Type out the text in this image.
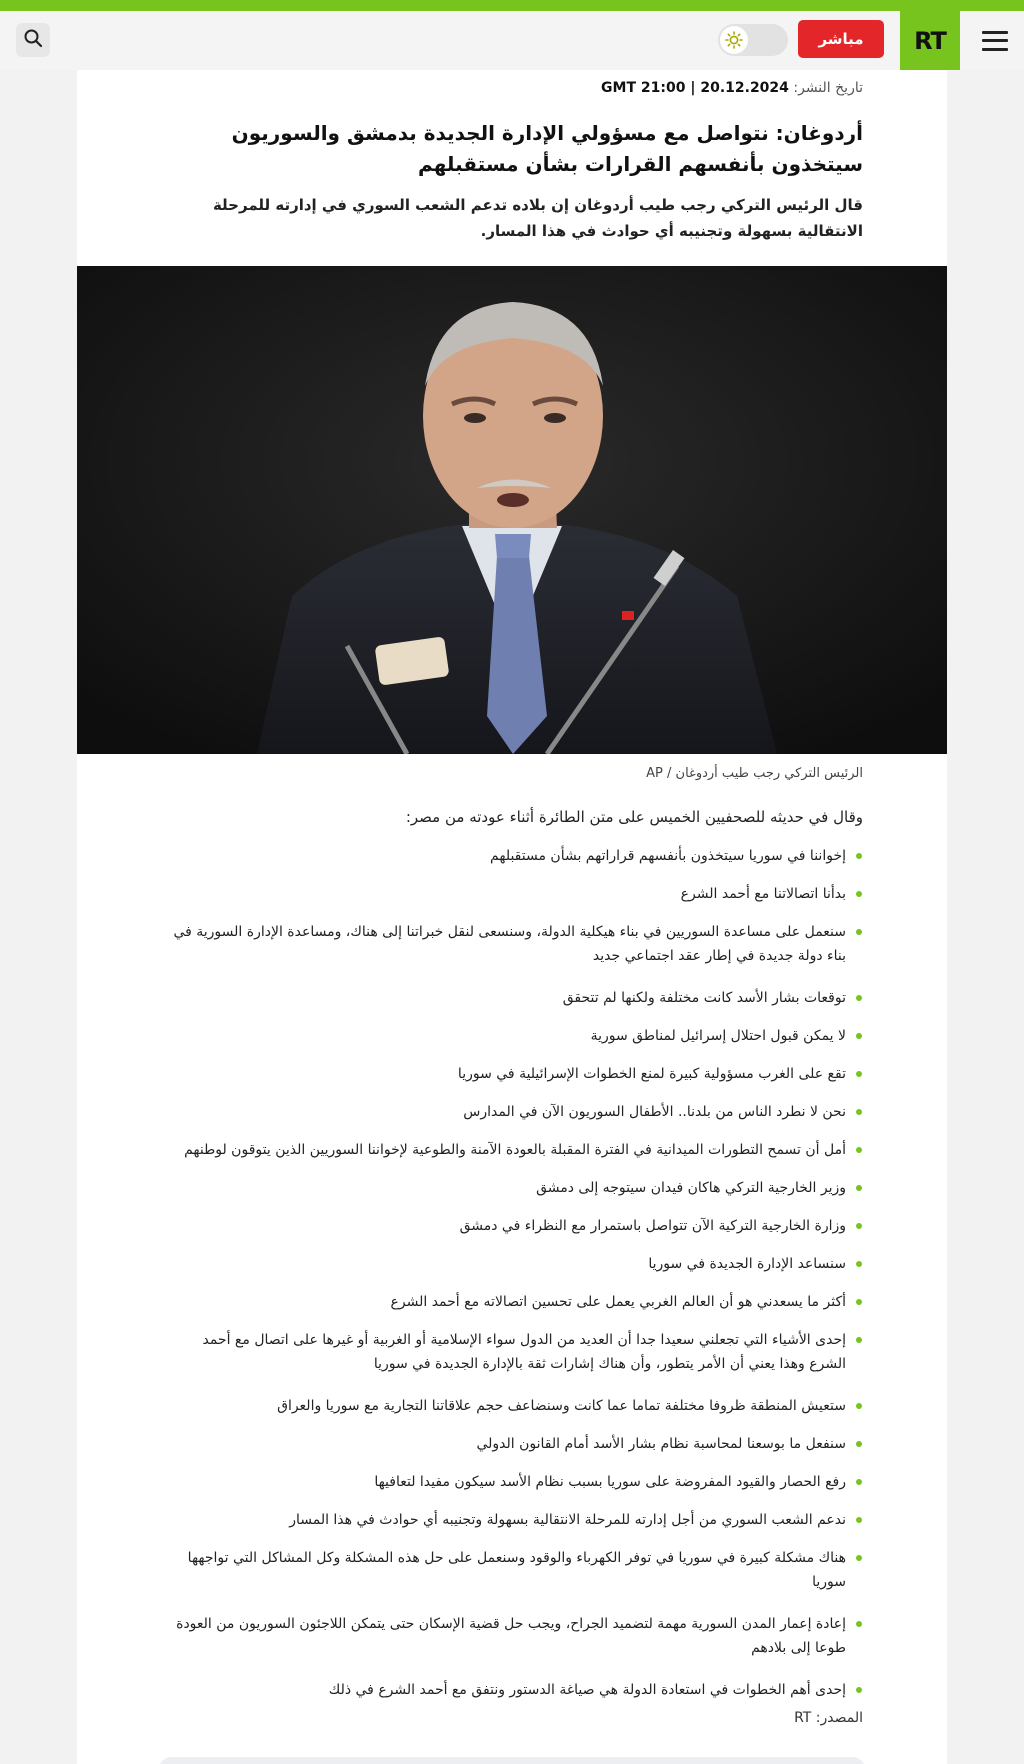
RT
مباشر
تاريخ النشر: 20.12.2024 | GMT 21:00
أردوغان: نتواصل مع مسؤولي الإدارة الجديدة بدمشق والسوريون سيتخذون بأنفسهم القرارات بشأن مستقبلهم

قال الرئيس التركي رجب طيب أردوغان إن بلاده تدعم الشعب السوري في إدارته للمرحلة الانتقالية بسهولة وتجنيبه أي حوادث في هذا المسار.

الرئيس التركي رجب طيب أردوغان / AP

وقال في حديثه للصحفيين الخميس على متن الطائرة أثناء عودته من مصر:

إخواننا في سوريا سيتخذون بأنفسهم قراراتهم بشأن مستقبلهم
بدأنا اتصالاتنا مع أحمد الشرع
سنعمل على مساعدة السوريين في بناء هيكلية الدولة، وسنسعى لنقل خبراتنا إلى هناك، ومساعدة الإدارة السورية في بناء دولة جديدة في إطار عقد اجتماعي جديد
توقعات بشار الأسد كانت مختلفة ولكنها لم تتحقق
لا يمكن قبول احتلال إسرائيل لمناطق سورية
تقع على الغرب مسؤولية كبيرة لمنع الخطوات الإسرائيلية في سوريا
نحن لا نطرد الناس من بلدنا.. الأطفال السوريون الآن في المدارس
أمل أن تسمح التطورات الميدانية في الفترة المقبلة بالعودة الآمنة والطوعية لإخواننا السوريين الذين يتوقون لوطنهم
وزير الخارجية التركي هاكان فيدان سيتوجه إلى دمشق
وزارة الخارجية التركية الآن تتواصل باستمرار مع النظراء في دمشق
سنساعد الإدارة الجديدة في سوريا
أكثر ما يسعدني هو أن العالم الغربي يعمل على تحسين اتصالاته مع أحمد الشرع
إحدى الأشياء التي تجعلني سعيدا جدا أن العديد من الدول سواء الإسلامية أو الغربية أو غيرها على اتصال مع أحمد الشرع وهذا يعني أن الأمر يتطور، وأن هناك إشارات ثقة بالإدارة الجديدة في سوريا
ستعيش المنطقة ظروفا مختلفة تماما عما كانت وسنضاعف حجم علاقاتنا التجارية مع سوريا والعراق
سنفعل ما بوسعنا لمحاسبة نظام بشار الأسد أمام القانون الدولي
رفع الحصار والقيود المفروضة على سوريا بسبب نظام الأسد سيكون مفيدا لتعافيها
ندعم الشعب السوري من أجل إدارته للمرحلة الانتقالية بسهولة وتجنيبه أي حوادث في هذا المسار
هناك مشكلة كبيرة في سوريا في توفر الكهرباء والوقود وسنعمل على حل هذه المشكلة وكل المشاكل التي تواجهها سوريا
إعادة إعمار المدن السورية مهمة لتضميد الجراح، ويجب حل قضية الإسكان حتى يتمكن اللاجئون السوريون من العودة طوعا إلى بلادهم
إحدى أهم الخطوات في استعادة الدولة هي صياغة الدستور ونتفق مع أحمد الشرع في ذلك

المصدر: RT
